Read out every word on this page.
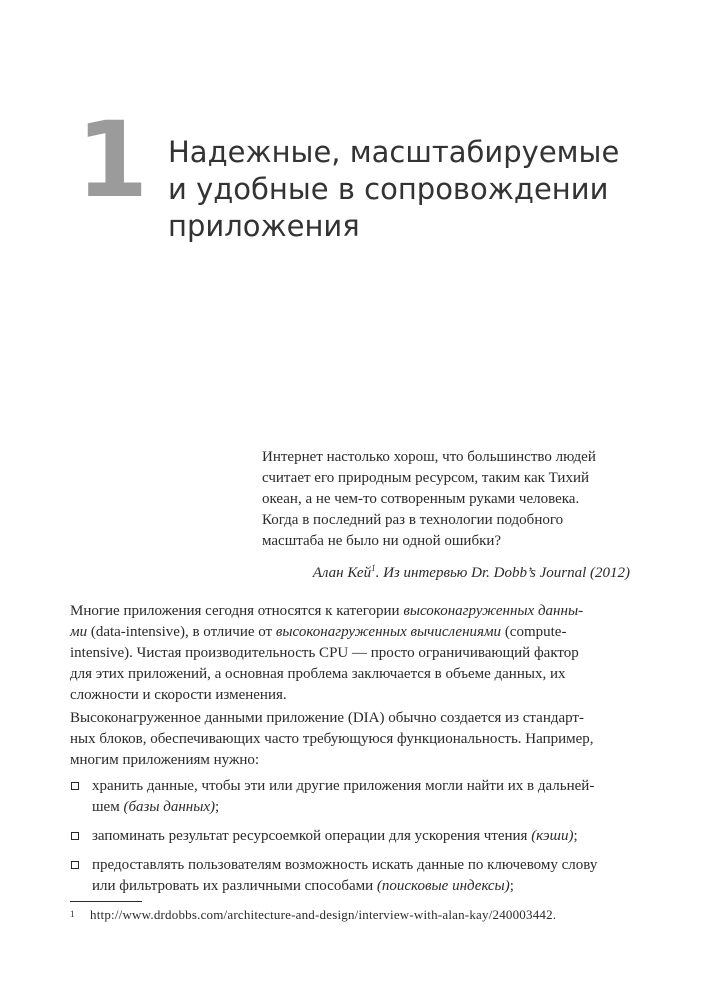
1 Надежные, масштабируемые
и удобные в сопровождении
приложения
Интернет настолько хорош, что большинство людей
считает его природным ресурсом, таким как Тихий
океан, а не чем-то сотворенным руками человека.
Когда в последний раз в технологии подобного
масштаба не было ни одной ошибки?
Алан Кей$^1$. Из интервью Dr. Dobb’s Journal (2012)
Многие приложения сегодня относятся к категории высоконагруженных данны-
ми (data-intensive), в отличие от высоконагруженных вычислениями (compute-
intensive). Чистая производительность CPU — просто ограничивающий фактор
для этих приложений, а основная проблема заключается в объеме данных, их
сложности и скорости изменения.
Высоконагруженное данными приложение (DIA) обычно создается из стандарт-
ных блоков, обеспечивающих часто требующуюся функциональность. Например,
многим приложениям нужно:
хранить данные, чтобы эти или другие приложения могли найти их в дальней-
шем (базы данных);
запоминать результат ресурсоемкой операции для ускорения чтения (кэши);
предоставлять пользователям возможность искать данные по ключевому слову
или фильтровать их различными способами (поисковые индексы);
1 http://www.drdobbs.com/architecture-and-design/interview-with-alan-kay/240003442.
